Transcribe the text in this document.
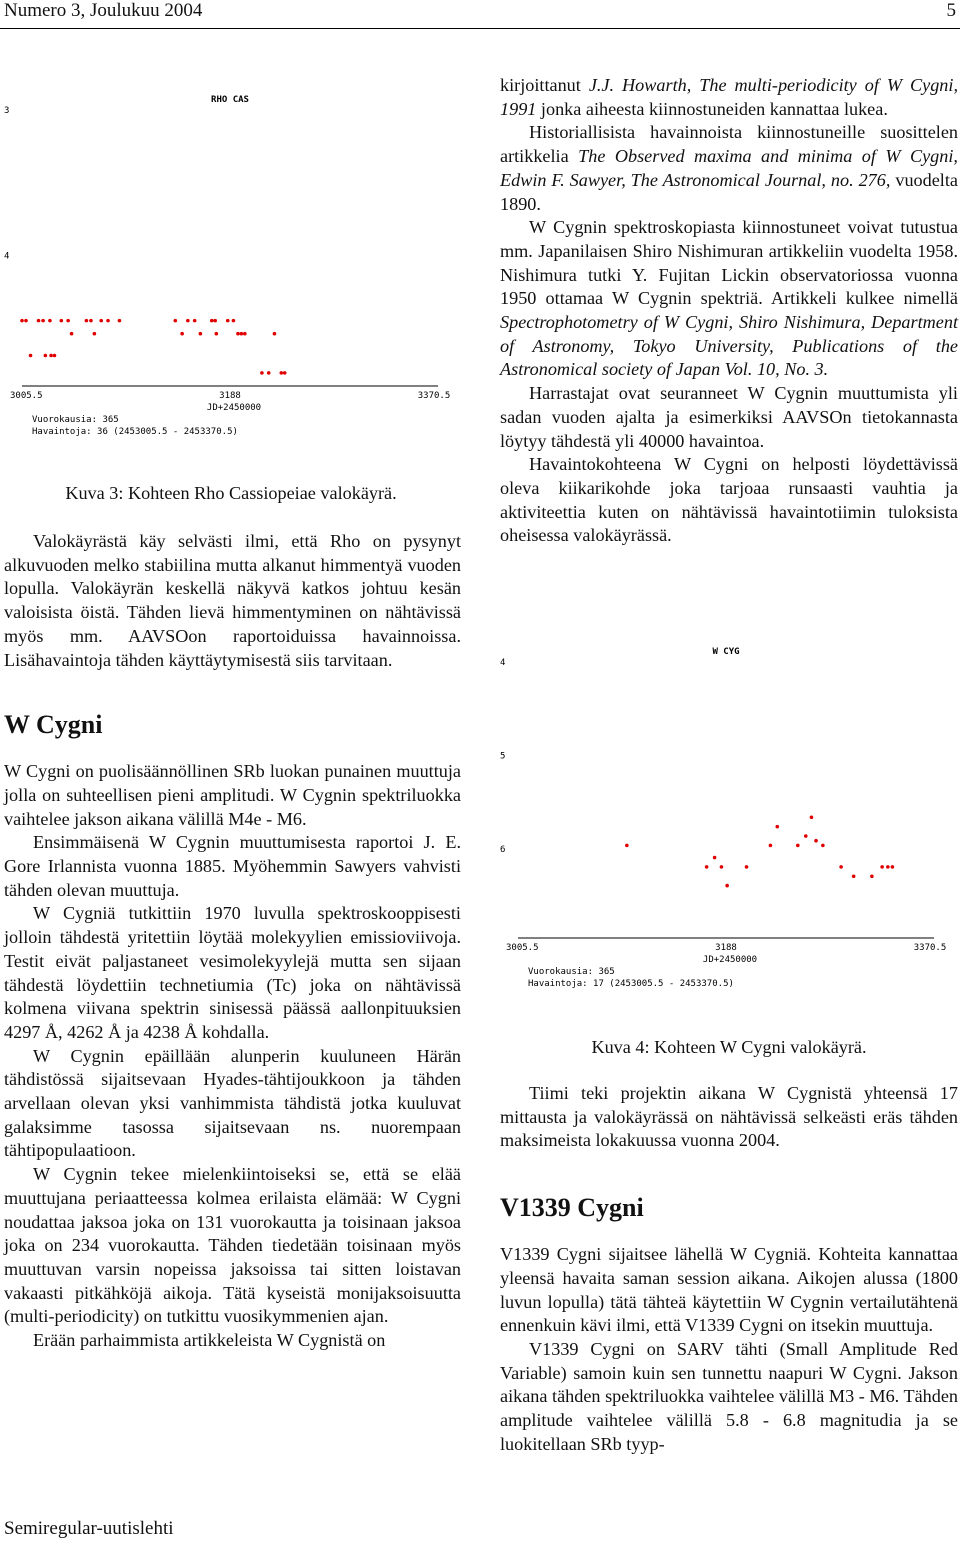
Numero 3, Joulukuu 2004	5
RHO CAS
3
4
3005.5	3188	3370.5
JD+2450000
Vuorokausia: 365
Havaintoja: 36 (2453005.5 - 2453370.5)
Kuva 3: Kohteen Rho Cassiopeiae valokäyrä.

Valokäyrästä käy selvästi ilmi, että Rho on pysynyt alkuvuoden melko stabiilina mutta alkanut himmentyä vuoden lopulla. Valokäyrän keskellä näkyvä katkos johtuu kesän valoisista öistä. Tähden lievä himmentyminen on nähtävissä myös mm. AAVSOon raportoiduissa havainnoissa. Lisähavaintoja tähden käyttäytymisestä siis tarvitaan.

W Cygni

W Cygni on puolisäännöllinen SRb luokan punainen muuttuja jolla on suhteellisen pieni amplitudi. W Cygnin spektriluokka vaihtelee jakson aikana välillä M4e - M6.

Ensimmäisenä W Cygnin muuttumisesta raportoi J. E. Gore Irlannista vuonna 1885. Myöhemmin Sawyers vahvisti tähden olevan muuttuja.

W Cygniä tutkittiin 1970 luvulla spektroskooppisesti jolloin tähdestä yritettiin löytää molekyylien emissioviivoja. Testit eivät paljastaneet vesimolekyylejä mutta sen sijaan tähdestä löydettiin technetiumia (Tc) joka on nähtävissä kolmena viivana spektrin sinisessä päässä aallonpituuksien 4297 Å, 4262 Å ja 4238 Å kohdalla.

W Cygnin epäillään alunperin kuuluneen Härän tähdistössä sijaitsevaan Hyades-tähtijoukkoon ja tähden arvellaan olevan yksi vanhimmista tähdistä jotka kuuluvat galaksimme tasossa sijaitsevaan ns. nuorempaan tähtipopulaatioon.

W Cygnin tekee mielenkiintoiseksi se, että se elää muuttujana periaatteessa kolmea erilaista elämää: W Cygni noudattaa jaksoa joka on 131 vuorokautta ja toisinaan jaksoa joka on 234 vuorokautta. Tähden tiedetään toisinaan myös muuttuvan varsin nopeissa jaksoissa tai sitten loistavan vakaasti pitkähköjä aikoja. Tätä kyseistä monijaksoisuutta (multi-periodicity) on tutkittu vuosikymmenien ajan.

Erään parhaimmista artikkeleista W Cygnistä on

kirjoittanut J.J. Howarth, The multi-periodicity of W Cygni, 1991 jonka aiheesta kiinnostuneiden kannattaa lukea.

Historiallisista havainnoista kiinnostuneille suosittelen artikkelia The Observed maxima and minima of W Cygni, Edwin F. Sawyer, The Astronomical Journal, no. 276, vuodelta 1890.

W Cygnin spektroskopiasta kiinnostuneet voivat tutustua mm. Japanilaisen Shiro Nishimuran artikkeliin vuodelta 1958. Nishimura tutki Y. Fujitan Lickin observatoriossa vuonna 1950 ottamaa W Cygnin spektriä. Artikkeli kulkee nimellä Spectrophotometry of W Cygni, Shiro Nishimura, Department of Astronomy, Tokyo University, Publications of the Astronomical society of Japan Vol. 10, No. 3.

Harrastajat ovat seuranneet W Cygnin muuttumista yli sadan vuoden ajalta ja esimerkiksi AAVSOn tietokannasta löytyy tähdestä yli 40000 havaintoa.

Havaintokohteena W Cygni on helposti löydettävissä oleva kiikarikohde joka tarjoaa runsaasti vauhtia ja aktiviteettia kuten on nähtävissä havaintotiimin tuloksista oheisessa valokäyrässä.

W CYG
4
5
6
3005.5	3188	3370.5
JD+2450000
Vuorokausia: 365
Havaintoja: 17 (2453005.5 - 2453370.5)
Kuva 4: Kohteen W Cygni valokäyrä.

Tiimi teki projektin aikana W Cygnistä yhteensä 17 mittausta ja valokäyrässä on nähtävissä selkeästi eräs tähden maksimeista lokakuussa vuonna 2004.

V1339 Cygni

V1339 Cygni sijaitsee lähellä W Cygniä. Kohteita kannattaa yleensä havaita saman session aikana. Aikojen alussa (1800 luvun lopulla) tätä tähteä käytettiin W Cygnin vertailutähtenä ennenkuin kävi ilmi, että V1339 Cygni on itsekin muuttuja.

V1339 Cygni on SARV tähti (Small Amplitude Red Variable) samoin kuin sen tunnettu naapuri W Cygni. Jakson aikana tähden spektriluokka vaihtelee välillä M3 - M6. Tähden amplitude vaihtelee välillä 5.8 - 6.8 magnitudia ja se luokitellaan SRb tyyp-

Semiregular-uutislehti
